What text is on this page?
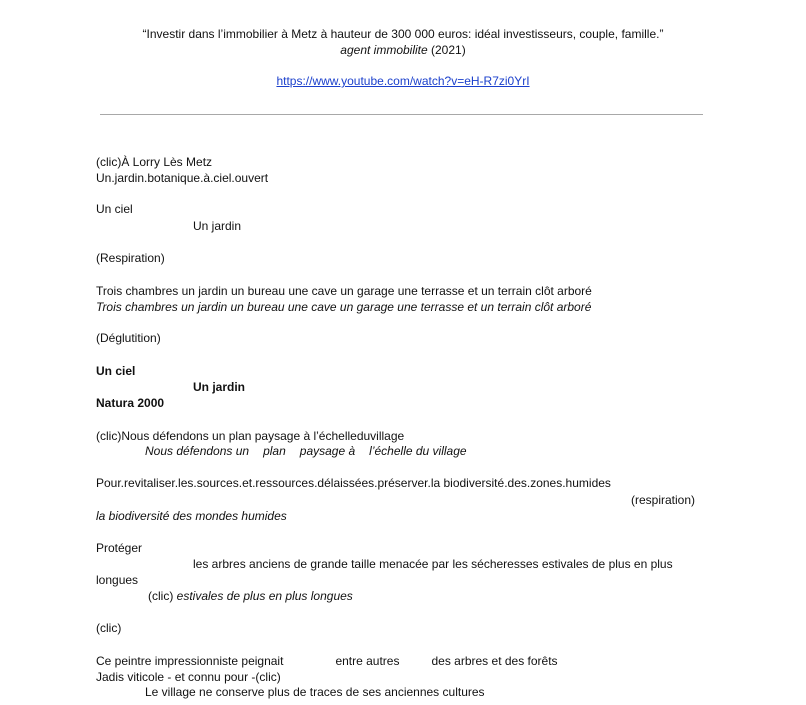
“Investir dans l’immobilier à Metz à hauteur de 300 000 euros: idéal investisseurs, couple, famille.”
agent immobilite (2021)
https://www.youtube.com/watch?v=eH-R7zi0YrI
(clic)À Lorry Lès Metz
Un.jardin.botanique.à.ciel.ouvert
Un ciel
Un jardin
(Respiration)
Trois chambres un jardin un bureau une cave un garage une terrasse et un terrain clôt arboré
Trois chambres un jardin un bureau une cave un garage une terrasse et un terrain clôt arboré
(Déglutition)
Un ciel
Un jardin
Natura 2000
(clic)Nous défendons un plan paysage à l’échelleduvillage
Nous défendons un plan paysage à l’échelle du village
Pour.revitaliser.les.sources.et.ressources.délaissées.préserver.la biodiversité.des.zones.humides
(respiration)
la biodiversité des mondes humides
Protéger
les arbres anciens de grande taille menacée par les sécheresses estivales de plus en plus
longues
(clic) estivales de plus en plus longues
(clic)
Ce peintre impressionniste peignait	entre autres	des arbres et des forêts
Jadis viticole - et connu pour -(clic)
Le village ne conserve plus de traces de ses anciennes cultures
